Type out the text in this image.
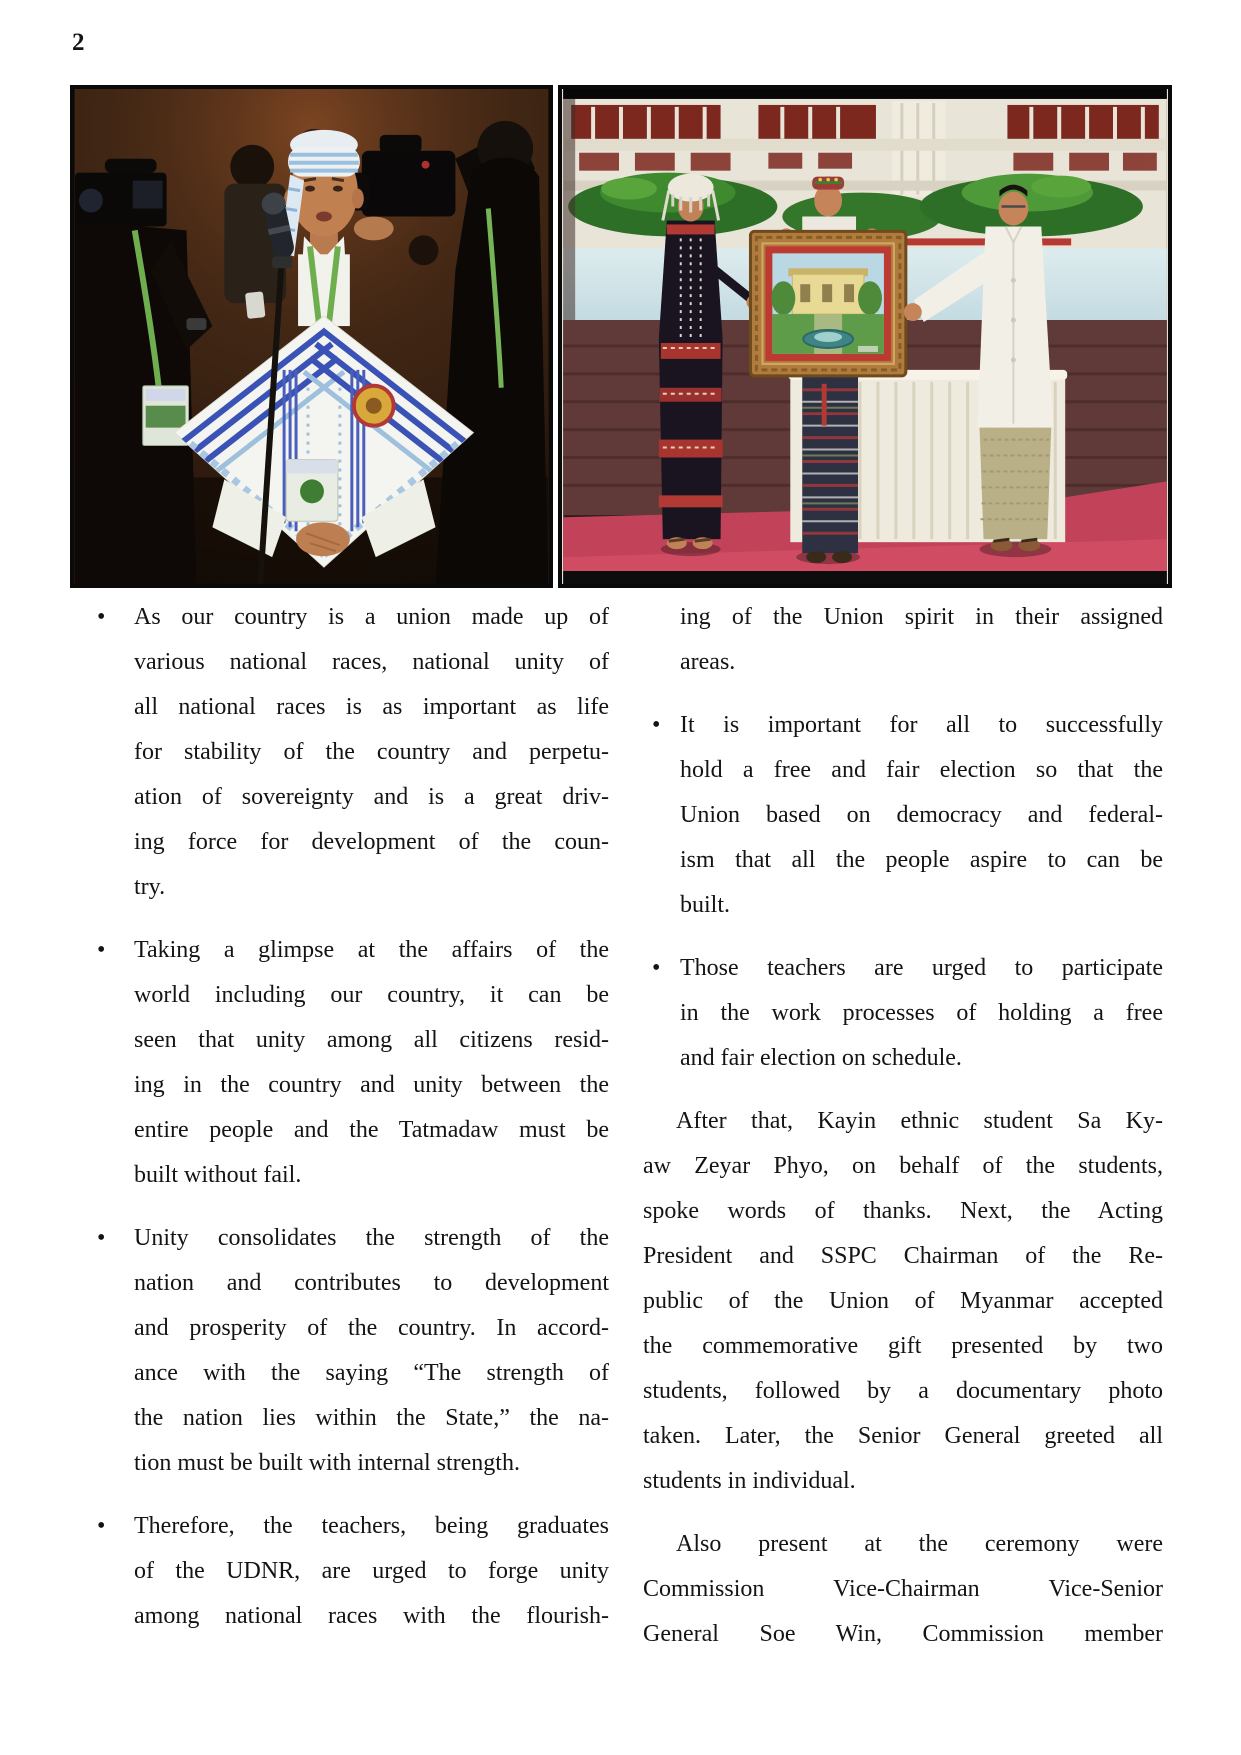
2
• As our country is a union made up of
various national races, national unity of
all national races is as important as life
for stability of the country and perpetu-
ation of sovereignty and is a great driv-
ing force for development of the coun-
try.
• Taking a glimpse at the affairs of the
world including our country, it can be
seen that unity among all citizens resid-
ing in the country and unity between the
entire people and the Tatmadaw must be
built without fail.
• Unity consolidates the strength of the
nation and contributes to development
and prosperity of the country. In accord-
ance with the saying “The strength of
the nation lies within the State,” the na-
tion must be built with internal strength.
• Therefore, the teachers, being graduates
of the UDNR, are urged to forge unity
among national races with the flourish-
ing of the Union spirit in their assigned
areas.
• It is important for all to successfully
hold a free and fair election so that the
Union based on democracy and federal-
ism that all the people aspire to can be
built.
• Those teachers are urged to participate
in the work processes of holding a free
and fair election on schedule.
After that, Kayin ethnic student Sa Ky-
aw Zeyar Phyo, on behalf of the students,
spoke words of thanks. Next, the Acting
President and SSPC Chairman of the Re-
public of the Union of Myanmar accepted
the commemorative gift presented by two
students, followed by a documentary photo
taken. Later, the Senior General greeted all
students in individual.
Also present at the ceremony were
Commission Vice-Chairman Vice-Senior
General Soe Win, Commission member
